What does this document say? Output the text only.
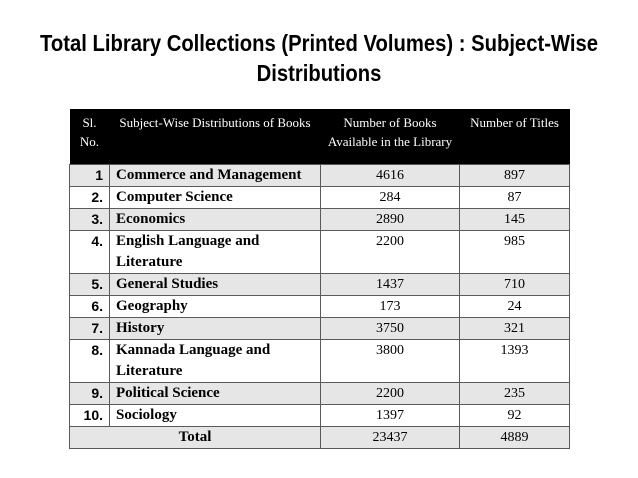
Total Library Collections (Printed Volumes) : Subject-Wise Distributions
Sl. No.	Subject-Wise Distributions of Books	Number of Books Available in the Library	Number of Titles
1	Commerce and Management	4616	897
2.	Computer Science	284	87
3.	Economics	2890	145
4.	English Language and Literature	2200	985
5.	General Studies	1437	710
6.	Geography	173	24
7.	History	3750	321
8.	Kannada Language and Literature	3800	1393
9.	Political Science	2200	235
10.	Sociology	1397	92
Total		23437	4889
